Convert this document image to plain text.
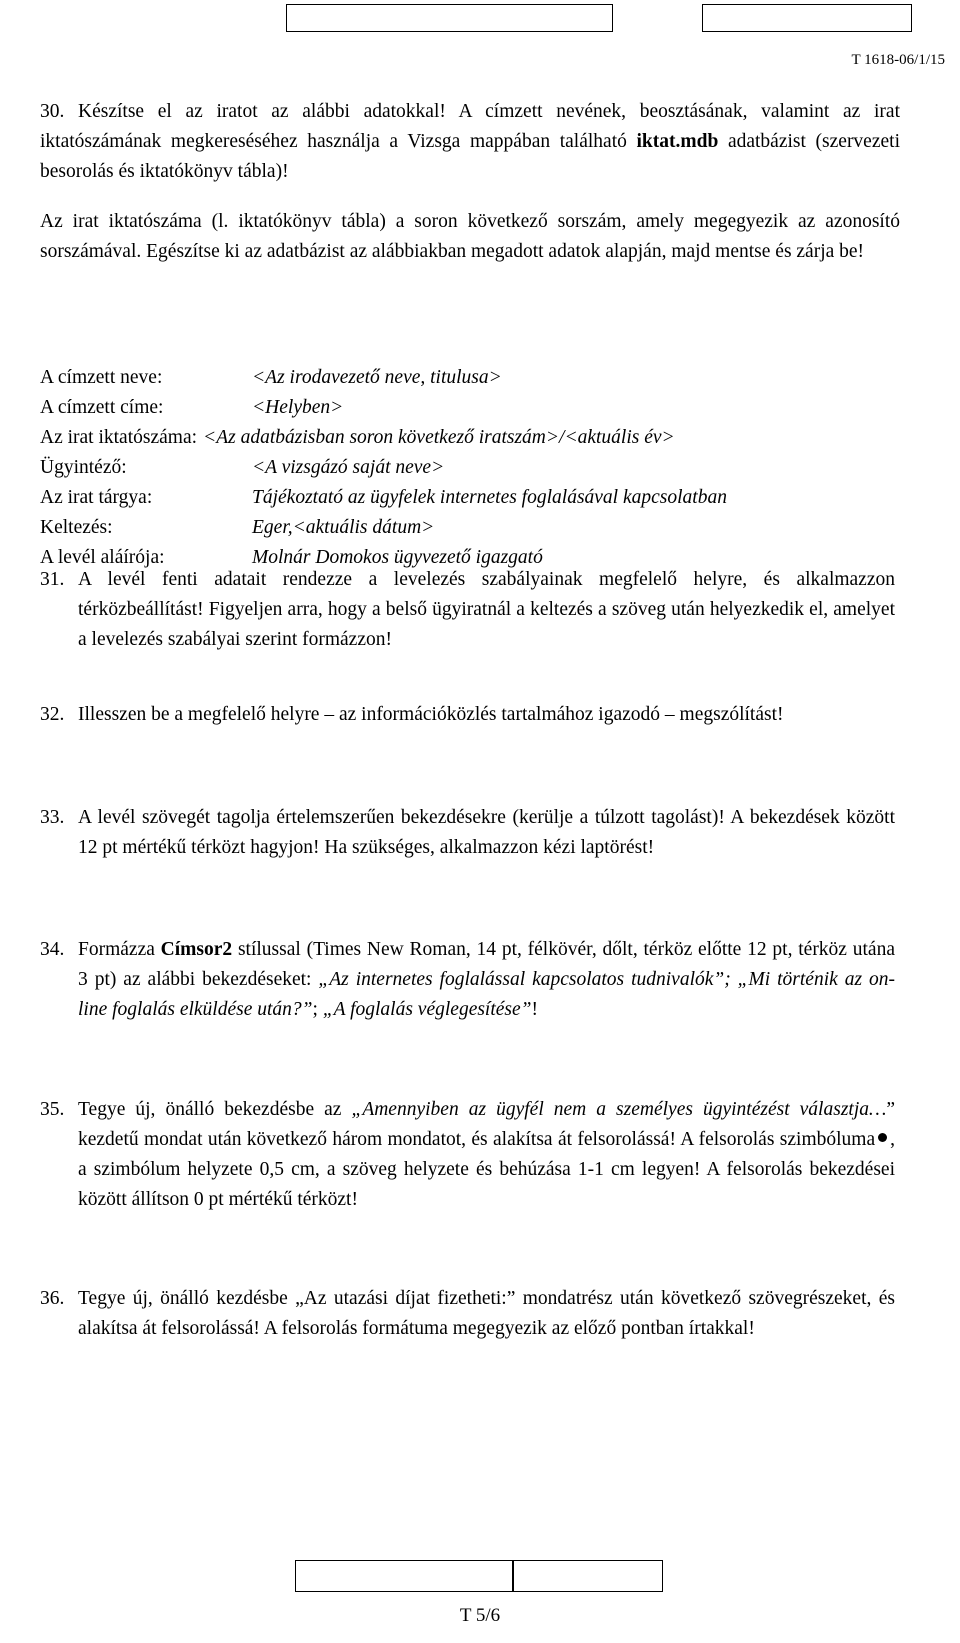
T 1618-06/1/15
30. Készítse el az iratot az alábbi adatokkal! A címzett nevének, beosztásának, valamint az irat iktatószámának megkereséséhez használja a Vizsga mappában található iktat.mdb adatbázist (szervezeti besorolás és iktatókönyv tábla)!

Az irat iktatószáma (l. iktatókönyv tábla) a soron következő sorszám, amely megegyezik az azonosító sorszámával. Egészítse ki az adatbázist az alábbiakban megadott adatok alapján, majd mentse és zárja be!

A címzett neve:	<Az irodavezető neve, titulusa>
A címzett címe:	<Helyben>
Az irat iktatószáma: <Az adatbázisban soron következő iratszám>/<aktuális év>
Ügyintéző:	<A vizsgázó saját neve>
Az irat tárgya:	Tájékoztató az ügyfelek internetes foglalásával kapcsolatban
Keltezés:	Eger,<aktuális dátum>
A levél aláírója:	Molnár Domokos ügyvezető igazgató
31. A levél fenti adatait rendezze a levelezés szabályainak megfelelő helyre, és alkalmazzon térközbeállítást! Figyeljen arra, hogy a belső ügyiratnál a keltezés a szöveg után helyezkedik el, amelyet a levelezés szabályai szerint formázzon!

32. Illesszen be a megfelelő helyre – az információközlés tartalmához igazodó – megszólítást!

33. A levél szövegét tagolja értelemszerűen bekezdésekre (kerülje a túlzott tagolást)! A bekezdések között 12 pt mértékű térközt hagyjon! Ha szükséges, alkalmazzon kézi laptörést!

34. Formázza Címsor2 stílussal (Times New Roman, 14 pt, félkövér, dőlt, térköz előtte 12 pt, térköz utána 3 pt) az alábbi bekezdéseket: „Az internetes foglalással kapcsolatos tudnivalók”; „Mi történik az on-line foglalás elküldése után?”; „A foglalás véglegesítése”!

35. Tegye új, önálló bekezdésbe az „Amennyiben az ügyfél nem a személyes ügyintézést választja…” kezdetű mondat után következő három mondatot, és alakítsa át felsorolássá! A felsorolás szimbóluma , a szimbólum helyzete 0,5 cm, a szöveg helyzete és behúzása 1-1 cm legyen! A felsorolás bekezdései között állítson 0 pt mértékű térközt!

36. Tegye új, önálló kezdésbe „Az utazási díjat fizetheti:” mondatrész után következő szövegrészeket, és alakítsa át felsorolássá! A felsorolás formátuma megegyezik az előző pontban írtakkal!

T 5/6
